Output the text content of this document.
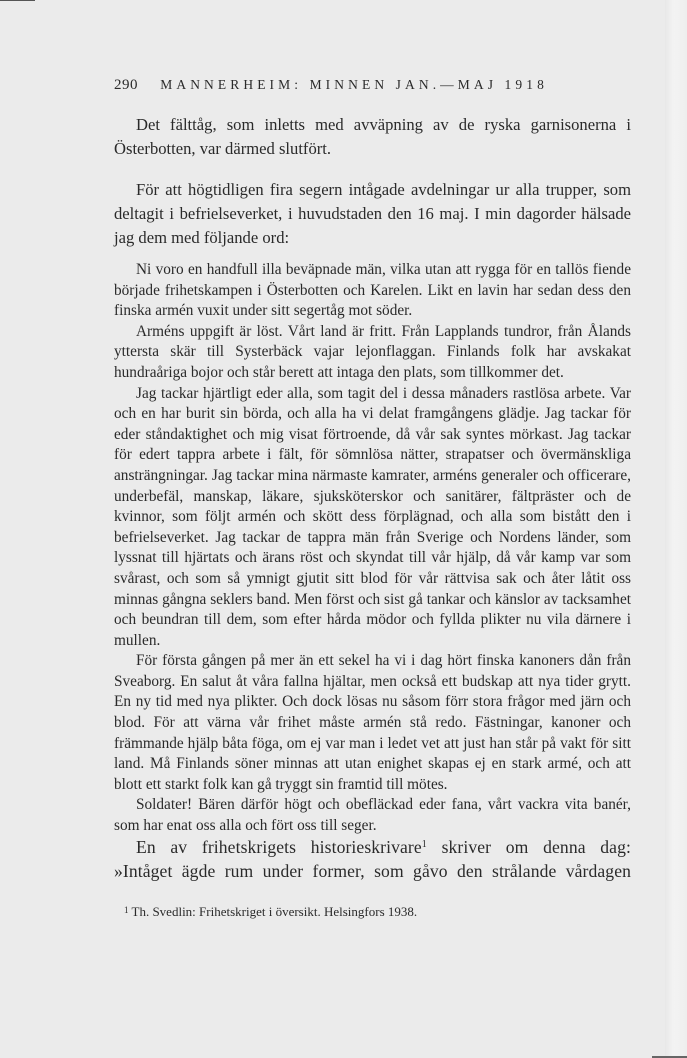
290 MANNERHEIM: MINNEN JAN.—MAJ 1918

Det fälttåg, som inletts med avväpning av de ryska garnisonerna i Österbotten, var därmed slutfört.

För att högtidligen fira segern intågade avdelningar ur alla trupper, som deltagit i befrielseverket, i huvudstaden den 16 maj. I min dagorder hälsade jag dem med följande ord:

Ni voro en handfull illa beväpnade män, vilka utan att rygga för en tallös fiende började frihetskampen i Österbotten och Karelen. Likt en lavin har sedan dess den finska armén vuxit under sitt segertåg mot söder.

Arméns uppgift är löst. Vårt land är fritt. Från Lapplands tundror, från Ålands yttersta skär till Systerbäck vajar lejonflaggan. Finlands folk har avskakat hundraåriga bojor och står berett att intaga den plats, som tillkommer det.

Jag tackar hjärtligt eder alla, som tagit del i dessa månaders rastlösa arbete. Var och en har burit sin börda, och alla ha vi delat framgångens glädje. Jag tackar för eder ståndaktighet och mig visat förtroende, då vår sak syntes mörkast. Jag tackar för edert tappra arbete i fält, för sömnlösa nätter, strapatser och övermänskliga ansträngningar. Jag tackar mina närmaste kamrater, arméns generaler och officerare, underbefäl, manskap, läkare, sjuksköterskor och sanitärer, fältpräster och de kvinnor, som följt armén och skött dess förplägnad, och alla som bistått den i befrielseverket. Jag tackar de tappra män från Sverige och Nordens länder, som lyssnat till hjärtats och ärans röst och skyndat till vår hjälp, då vår kamp var som svårast, och som så ymnigt gjutit sitt blod för vår rättvisa sak och åter låtit oss minnas gångna seklers band. Men först och sist gå tankar och känslor av tacksamhet och beundran till dem, som efter hårda mödor och fyllda plikter nu vila därnere i mullen.

För första gången på mer än ett sekel ha vi i dag hört finska kanoners dån från Sveaborg. En salut åt våra fallna hjältar, men också ett budskap att nya tider grytt. En ny tid med nya plikter. Och dock lösas nu såsom förr stora frågor med järn och blod. För att värna vår frihet måste armén stå redo. Fästningar, kanoner och främmande hjälp båta föga, om ej var man i ledet vet att just han står på vakt för sitt land. Må Finlands söner minnas att utan enighet skapas ej en stark armé, och att blott ett starkt folk kan gå tryggt sin framtid till mötes.

Soldater! Bären därför högt och obefläckad eder fana, vårt vackra vita banér, som har enat oss alla och fört oss till seger.

En av frihetskrigets historieskrivare$^1$ skriver om denna dag:

»Intåget ägde rum under former, som gåvo den strålande vårdagen

$^1$ Th. Svedlin: Frihetskriget i översikt. Helsingfors 1938.
